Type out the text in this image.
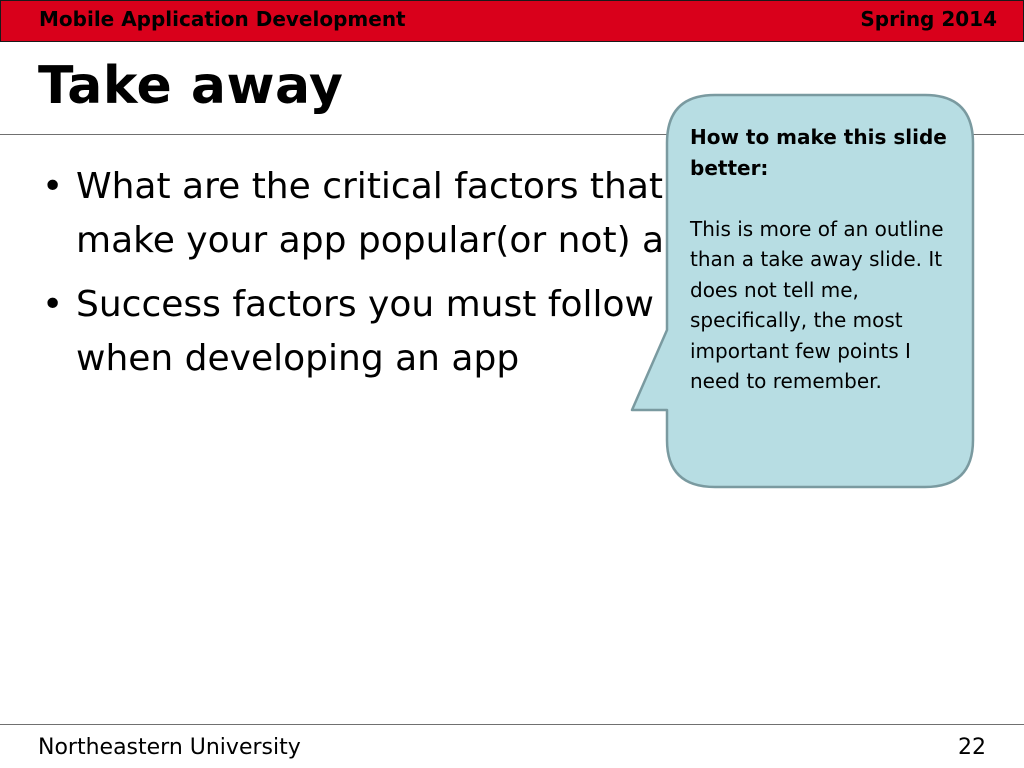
Mobile Application Development	Spring 2014
Take away
• What are the critical factors that make your app popular(or not) a
• Success factors you must follow when developing an app

How to make this slide better:

This is more of an outline than a take away slide. It does not tell me, specifically, the most important few points I need to remember.

Northeastern University	22
